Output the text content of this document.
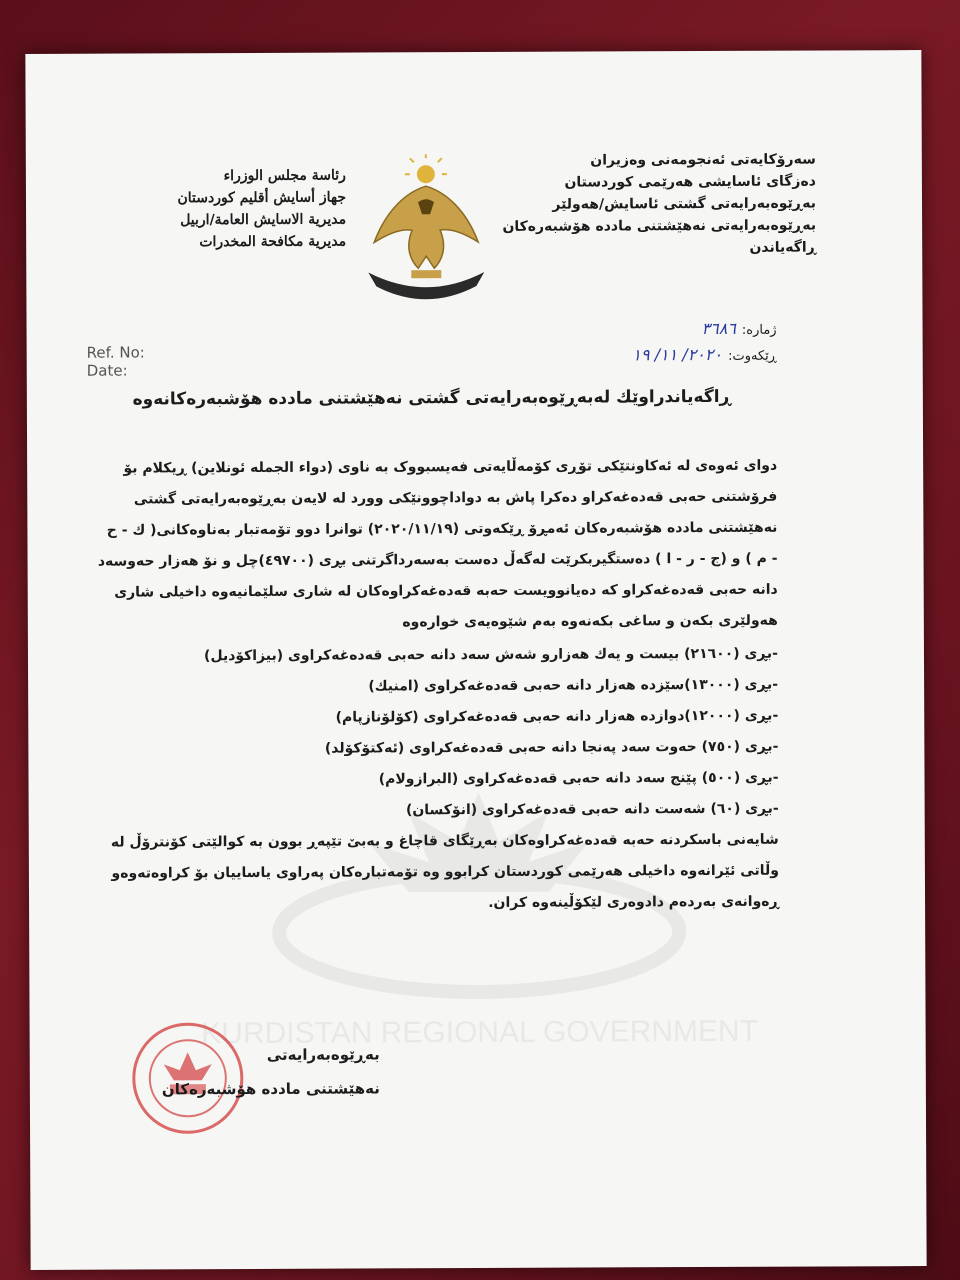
KURDISTAN REGIONAL GOVERNMENT
سەرۆکایەتی ئەنجومەنی وەزیران
دەزگای ئاسایشی هەرێمی کوردستان
بەڕێوەبەرایەتی گشتی ئاسایش/هەولێر
بەڕێوەبەرایەتی نەهێشتنی مادده هۆشبەرەکان
ڕاگەیاندن
رئاسة مجلس الوزراء
جهاز أسايش أقليم كوردستان
مديرية الاسايش العامة/اربيل
مديرية مكافحة المخدرات
ژمارە:٣٦٨٦
ڕێکەوت:٢٠٢٠/ ١١/ ١٩
Ref. No:
Date:
ڕاگەیاندراوێك لەبەڕێوەبەرایەتی گشتی نەهێشتنی مادده هۆشبەرەکانەوە

دوای ئەوەی لە ئەکاونتێکی تۆڕی کۆمەڵایەتی فەیسبووک بە ناوی (دواء الجملە ئونلاین) ڕیکلام بۆ فرۆشتنی حەبی قەدەغەکراو دەکرا پاش بە دواداچوونێکی وورد لە لایەن بەڕێوەبەرایەتی گشتی نەهێشتنی مادده هۆشبەرەکان ئەمڕۆ ڕێکەوتی (٢٠٢٠/١١/١٩) توانرا دوو تۆمەتبار بەناوەکانی( ك - ح - م ) و (ج - ر - ا ) دەستگیربکرێت لەگەڵ دەست بەسەرداگرتنی بڕی (٤٩٧٠٠)چل و نۆ هەزار حەوسەد دانە حەبی قەدەغەکراو کە دەیانوویست حەبە قەدەغەکراوەکان لە شاری سلێمانیەوە داخیلی شاری هەولێری بکەن و ساغی بکەنەوە بەم شێوەیەی خوارەوە

-بڕی (٢١٦٠٠) بیست و یەك هەزارو شەش سەد دانە حەبی قەدەغەکراوی (بیزاکۆدیل)
-بڕی (١٣٠٠٠)سێزدە هەزار دانە حەبی قەدەغەکراوی (امنیك)
-بڕی (١٢٠٠٠)دوازدە هەزار دانە حەبی قەدەغەکراوی (کۆلۆنازپام)
-بڕی (٧٥٠) حەوت سەد پەنجا دانە حەبی قەدەغەکراوی (ئەکتۆکۆلد)
-بڕی (٥٠٠) پێنج سەد دانە حەبی قەدەغەکراوی (البرازولام)
-بڕی (٦٠) شەست دانە حەبی قەدەغەکراوی (انۆکسان)

شایەنی باسکردنە حەبە قەدەغەکراوەکان بەڕێگای قاچاغ و بەبێ تێپەڕ بوون بە کوالێتی کۆنترۆڵ لە وڵاتی ئێرانەوە داخیلی هەرێمی کوردستان کرابوو وە تۆمەتبارەکان پەراوی یاساییان بۆ کراوەتەوەو ڕەوانەی بەردەم دادوەری لێکۆڵینەوە کران.

بەڕێوەبەرایەتی
نەهێشتنی مادده هۆشبەرەکان
